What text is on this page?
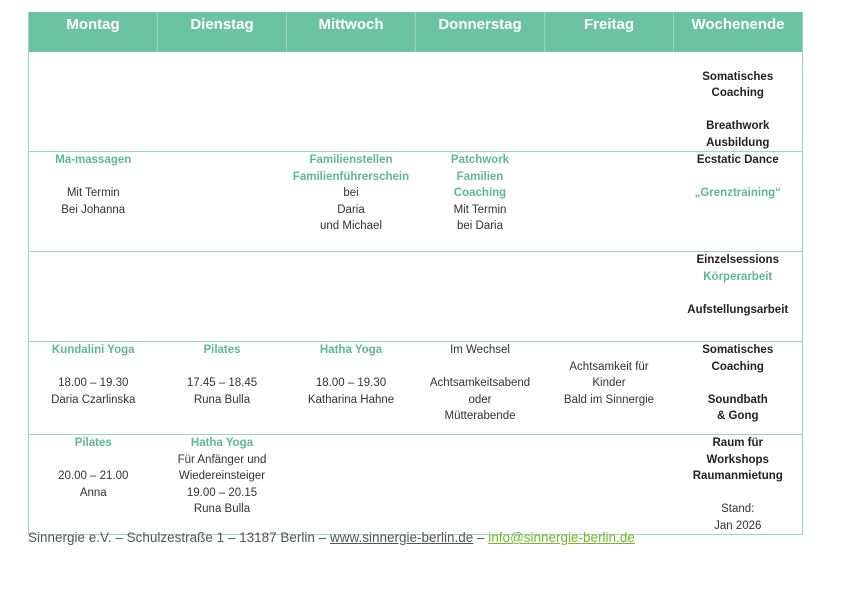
Montag	Dienstag	Mittwoch	Donnerstag	Freitag	Wochenende

					Somatisches
Coaching
Breathwork
Ausbildung

Ma-massagen
Mit Termin
Bei Johanna		Familienstellen
Familienführerschein
bei
Daria
und Michael	Patchwork
Familien
Coaching
Mit Termin
bei Daria		Ecstatic Dance
„Grenztraining“

					Einzelsessions
Körperarbeit
Aufstellungsarbeit

Kundalini Yoga
18.00 – 19.30
Daria Czarlinska	Pilates
17.45 – 18.45
Runa Bulla	Hatha Yoga
18.00 – 19.30
Katharina Hahne	Im Wechsel
Achtsamkeitsabend
oder
Mütterabende	Achtsamkeit für
Kinder
Bald im Sinnergie	Somatisches
Coaching
Soundbath
& Gong

Pilates
20.00 – 21.00
Anna	Hatha Yoga
Für Anfänger und
Wiedereinsteiger
19.00 – 20.15
Runa Bulla				Raum für
Workshops
Raumanmietung
Stand:
Jan 2026
Sinnergie e.V. – Schulzestraße 1 – 13187 Berlin – www.sinnergie-berlin.de – info@sinnergie-berlin.de
